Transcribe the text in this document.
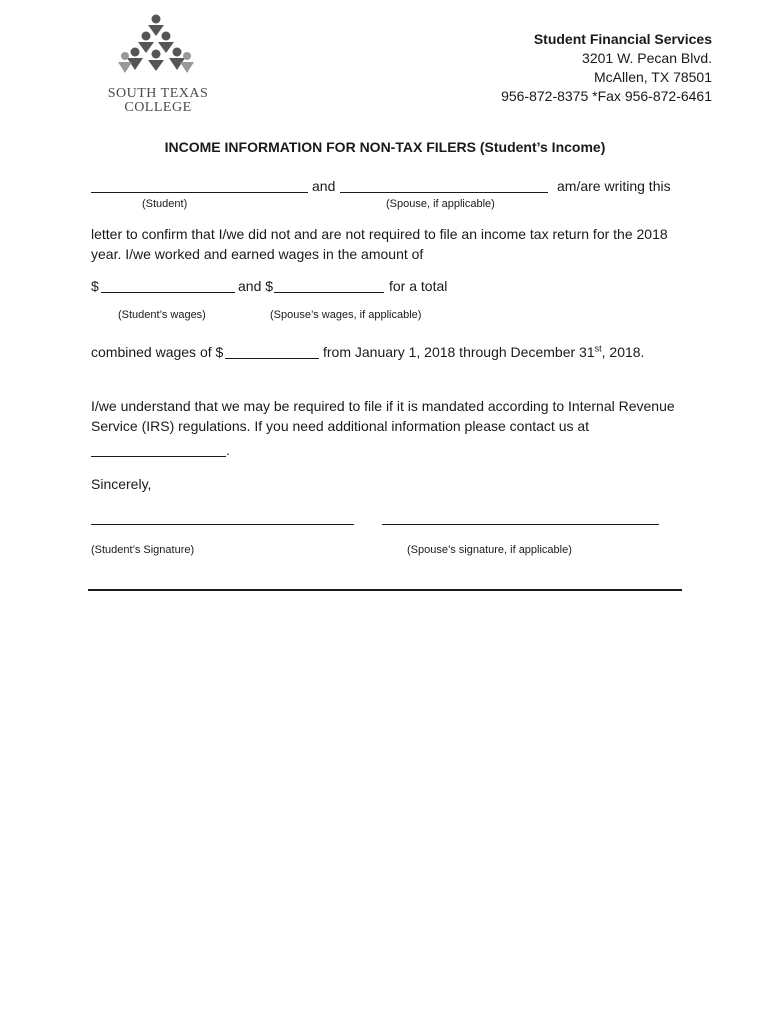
SOUTH TEXAS
COLLEGE
Student Financial Services
3201 W. Pecan Blvd.
McAllen, TX 78501
956-872-8375 *Fax 956-872-6461
INCOME INFORMATION FOR NON-TAX FILERS (Student’s Income)
and	am/are writing this
(Student)	(Spouse, if applicable)
letter to confirm that I/we did not and are not required to file an income tax return for the 2018 year. I/we worked and earned wages in the amount of
$	and $	for a total
(Student’s wages)	(Spouse’s wages, if applicable)
combined wages of $	from January 1, 2018 through December 31st, 2018.
I/we understand that we may be required to file if it is mandated according to Internal Revenue Service (IRS) regulations. If you need additional information please contact us at
.
Sincerely,
(Student’s Signature)	(Spouse’s signature, if applicable)
